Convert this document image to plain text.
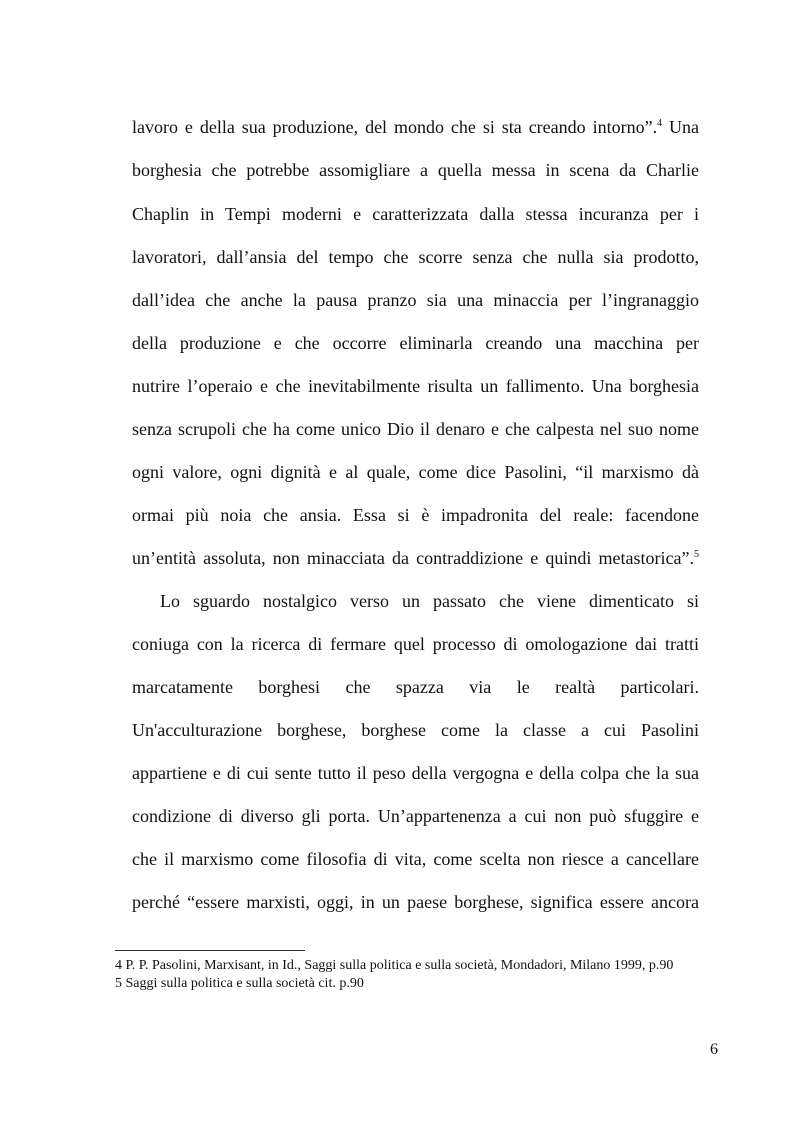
lavoro e della sua produzione, del mondo che si sta creando intorno”.$^4$ Una
borghesia che potrebbe assomigliare a quella messa in scena da Charlie
Chaplin in Tempi moderni e caratterizzata dalla stessa incuranza per i
lavoratori, dall’ansia del tempo che scorre senza che nulla sia prodotto,
dall’idea che anche la pausa pranzo sia una minaccia per l’ingranaggio
della produzione e che occorre eliminarla creando una macchina per
nutrire l’operaio e che inevitabilmente risulta un fallimento. Una borghesia
senza scrupoli che ha come unico Dio il denaro e che calpesta nel suo nome
ogni valore, ogni dignità e al quale, come dice Pasolini, “il marxismo dà
ormai più noia che ansia. Essa si è impadronita del reale: facendone
un’entità assoluta, non minacciata da contraddizione e quindi metastorica”.$^5$
Lo sguardo nostalgico verso un passato che viene dimenticato si
coniuga con la ricerca di fermare quel processo di omologazione dai tratti
marcatamente borghesi che spazza via le realtà particolari.
Un'acculturazione borghese, borghese come la classe a cui Pasolini
appartiene e di cui sente tutto il peso della vergogna e della colpa che la sua
condizione di diverso gli porta. Un’appartenenza a cui non può sfuggire e
che il marxismo come filosofia di vita, come scelta non riesce a cancellare
perché “essere marxisti, oggi, in un paese borghese, significa essere ancora
4 P. P. Pasolini, Marxisant, in Id., Saggi sulla politica e sulla società, Mondadori, Milano 1999, p.90
5 Saggi sulla politica e sulla società cit. p.90
6
